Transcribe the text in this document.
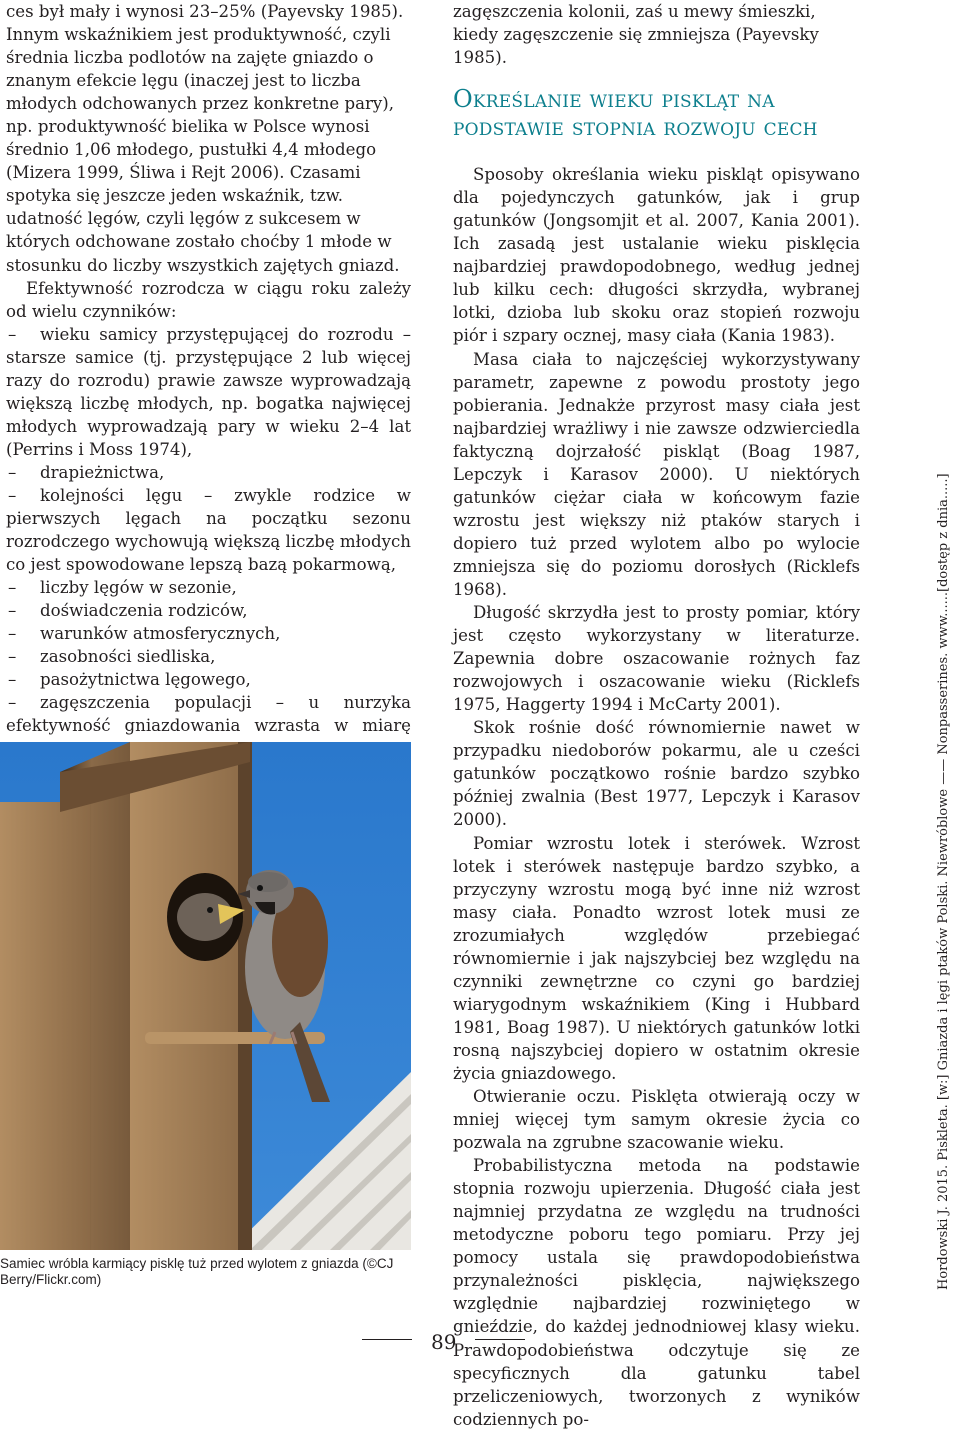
ces był mały i wynosi 23–25% (Payevsky 1985). Innym wskaźnikiem jest produktywność, czyli średnia liczba podlotów na zajęte gniazdo o znanym efekcie lęgu (inaczej jest to liczba młodych odchowanych przez konkretne pary), np. produktywność bielika w Polsce wynosi średnio 1,06 młodego, pustułki 4,4 młodego (Mizera 1999, Śliwa i Rejt 2006). Czasami spotyka się jeszcze jeden wskaźnik, tzw. udatność lęgów, czyli lęgów z sukcesem w których odchowane zostało choćby 1 młode w stosunku do liczby wszystkich zajętych gniazd.

Efektywność rozrodcza w ciągu roku zależy od wielu czynników:

– wieku samicy przystępującej do rozrodu – starsze samice (tj. przystępujące 2 lub więcej razy do rozrodu) prawie zawsze wyprowadzają większą liczbę młodych, np. bogatka najwięcej młodych wyprowadzają pary w wieku 2–4 lat (Perrins i Moss 1974),

– drapieżnictwa,

– kolejności lęgu – zwykle rodzice w pierwszych lęgach na początku sezonu rozrodczego wychowują większą liczbę młodych co jest spowodowane lepszą bazą pokarmową,

– liczby lęgów w sezonie,

– doświadczenia rodziców,

– warunków atmosferycznych,

– zasobności siedliska,

– pasożytnictwa lęgowego,

– zagęszczenia populacji – u nurzyka efektywność gniazdowania wzrasta w miarę

Samiec wróbla karmiący pisklę tuż przed wylotem z gniazda (©CJ Berry/Flickr.com)

zagęszczenia kolonii, zaś u mewy śmieszki, kiedy zagęszczenie się zmniejsza (Payevsky 1985).

Określanie wieku piskląt na podstawie stopnia rozwoju cech

Sposoby określania wieku piskląt opisywano dla pojedynczych gatunków, jak i grup gatunków (Jongsomjit et al. 2007, Kania 2001). Ich zasadą jest ustalanie wieku pisklęcia najbardziej prawdopodobnego, według jednej lub kilku cech: długości skrzydła, wybranej lotki, dzioba lub skoku oraz stopień rozwoju piór i szpary ocznej, masy ciała (Kania 1983).

Masa ciała to najczęściej wykorzystywany parametr, zapewne z powodu prostoty jego pobierania. Jednakże przyrost masy ciała jest najbardziej wrażliwy i nie zawsze odzwierciedla faktyczną dojrzałość piskląt (Boag 1987, Lepczyk i Karasov 2000). U niektórych gatunków ciężar ciała w końcowym fazie wzrostu jest większy niż ptaków starych i dopiero tuż przed wylotem albo po wylocie zmniejsza się do poziomu dorosłych (Ricklefs 1968).

Długość skrzydła jest to prosty pomiar, który jest często wykorzystany w literaturze. Zapewnia dobre oszacowanie rożnych faz rozwojowych i oszacowanie wieku (Ricklefs 1975, Haggerty 1994 i McCarty 2001).

Skok rośnie dość równomiernie nawet w przypadku niedoborów pokarmu, ale u cześci gatunków początkowo rośnie bardzo szybko później zwalnia (Best 1977, Lepczyk i Karasov 2000).

Pomiar wzrostu lotek i sterówek. Wzrost lotek i sterówek następuje bardzo szybko, a przyczyny wzrostu mogą być inne niż wzrost masy ciała. Ponadto wzrost lotek musi ze zrozumiałych względów przebiegać równomiernie i jak najszybciej bez względu na czynniki zewnętrzne co czyni go bardziej wiarygodnym wskaźnikiem (King i Hubbard 1981, Boag 1987). U niektórych gatunków lotki rosną najszybciej dopiero w ostatnim okresie życia gniazdowego.

Otwieranie oczu. Pisklęta otwierają oczy w mniej więcej tym samym okresie życia co pozwala na zgrubne szacowanie wieku.

Probabilistyczna metoda na podstawie stopnia rozwoju upierzenia. Długość ciała jest najmniej przydatna ze względu na trudności metodyczne poboru tego pomiaru. Przy jej pomocy ustala się prawdopodobieństwa przynależności pisklęcia, największego względnie najbardziej rozwiniętego w gnieździe, do każdej jednodniowej klasy wieku. Prawdopodobieństwa odczytuje się ze specyficznych dla gatunku tabel przeliczeniowych, tworzonych z wyników codziennych po-

Hordowski J. 2015. Piskleta. [w:] Gniazda i lęgi ptaków Polski. Niewróblowe —— Nonpasserines. www......[dostęp z dnia.....]
89
